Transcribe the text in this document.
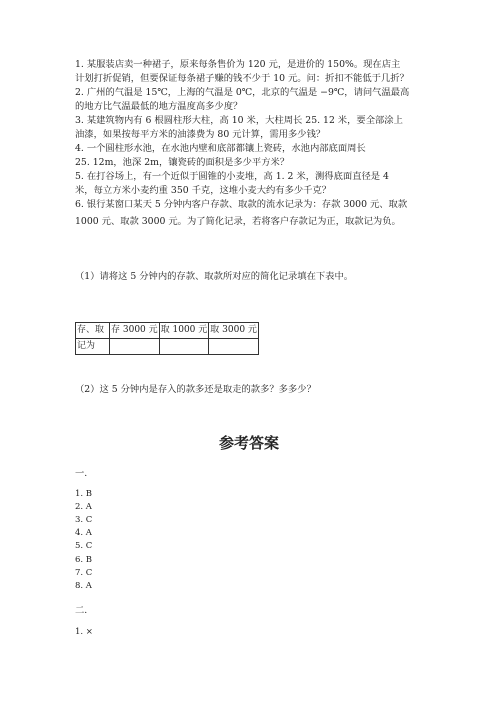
1. 某服装店卖一种裙子，原来每条售价为 120 元，是进价的 150%。现在店主
计划打折促销，但要保证每条裙子赚的钱不少于 10 元。问：折扣不能低于几折？
2. 广州的气温是 15℃，上海的气温是 0℃，北京的气温是 −9℃，请问气温最高
的地方比气温最低的地方温度高多少度？
3. 某建筑物内有 6 根圆柱形大柱，高 10 米，大柱周长 25. 12 米，要全部涂上
油漆，如果按每平方米的油漆费为 80 元计算，需用多少钱？
4. 一个圆柱形水池，在水池内壁和底部都镶上瓷砖，水池内部底面周长
25. 12m，池深 2m，镶瓷砖的面积是多少平方米？
5. 在打谷场上，有一个近似于圆锥的小麦堆，高 1. 2 米，测得底面直径是 4
米，每立方米小麦约重 350 千克，这堆小麦大约有多少千克？
6. 银行某窗口某天 5 分钟内客户存款、取款的流水记录为：存款 3000 元、取款
1000 元、取款 3000 元。为了简化记录，若将客户存款记为正，取款记为负。
（1）请将这 5 分钟内的存款、取款所对应的简化记录填在下表中。
存、取	存 3000 元	取 1000 元	取 3000 元
记为			
（2）这 5 分钟内是存入的款多还是取走的款多？多多少？
参考答案
一.
1. B
2. A
3. C
4. A
5. C
6. B
7. C
8. A
二.
1. ×
